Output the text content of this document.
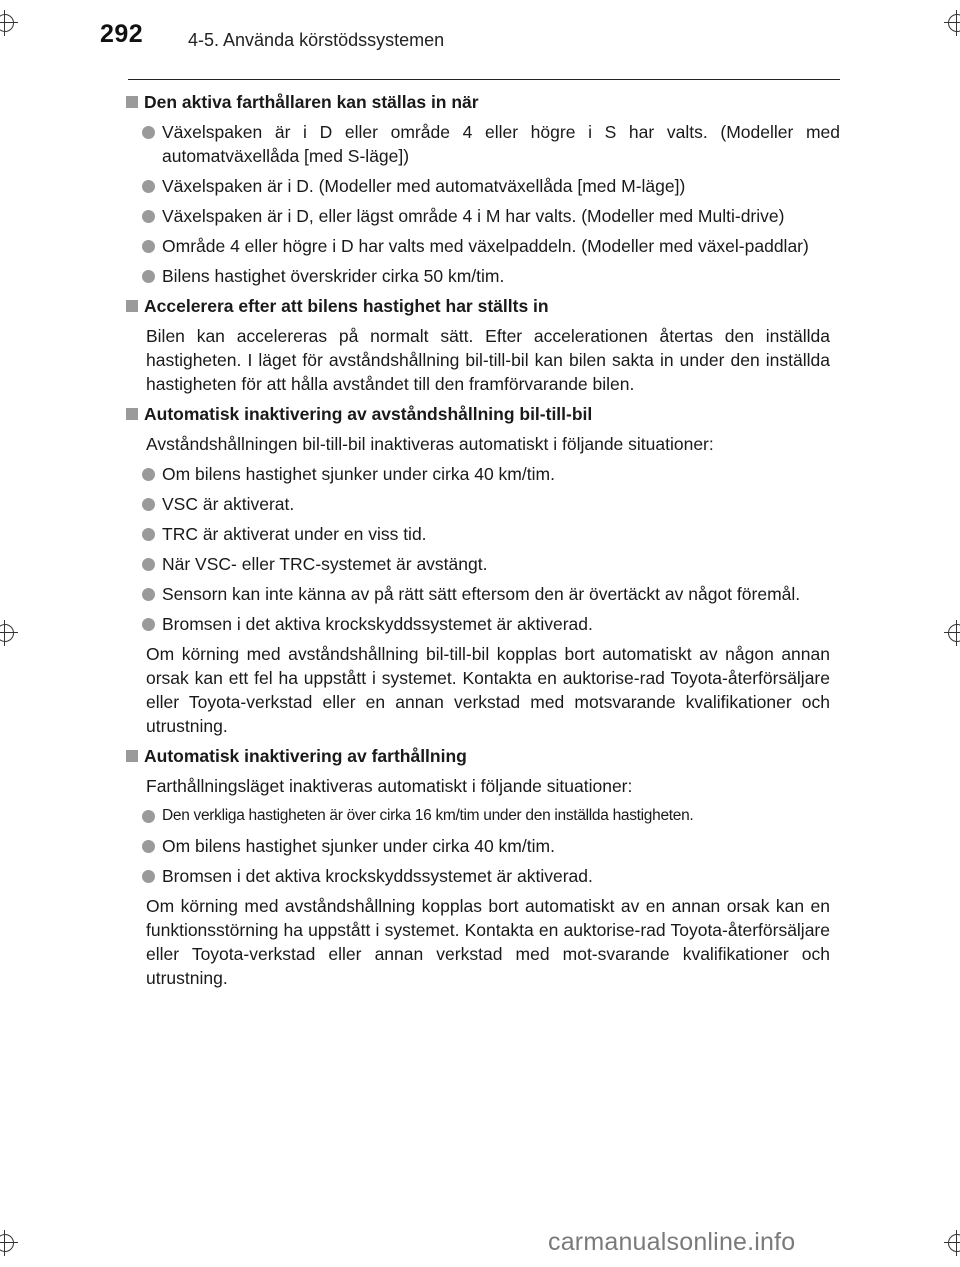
292 4-5. Använda körstödssystemen
Den aktiva farthållaren kan ställas in när
Växelspaken är i D eller område 4 eller högre i S har valts. (Modeller med automatväxellåda [med S-läge])
Växelspaken är i D. (Modeller med automatväxellåda [med M-läge])
Växelspaken är i D, eller lägst område 4 i M har valts. (Modeller med Multi-drive)
Område 4 eller högre i D har valts med växelpaddeln. (Modeller med växel-paddlar)
Bilens hastighet överskrider cirka 50 km/tim.
Accelerera efter att bilens hastighet har ställts in
Bilen kan accelereras på normalt sätt. Efter accelerationen återtas den inställda hastigheten. I läget för avståndshållning bil-till-bil kan bilen sakta in under den inställda hastigheten för att hålla avståndet till den framförvarande bilen.
Automatisk inaktivering av avståndshållning bil-till-bil
Avståndshållningen bil-till-bil inaktiveras automatiskt i följande situationer:
Om bilens hastighet sjunker under cirka 40 km/tim.
VSC är aktiverat.
TRC är aktiverat under en viss tid.
När VSC- eller TRC-systemet är avstängt.
Sensorn kan inte känna av på rätt sätt eftersom den är övertäckt av något föremål.
Bromsen i det aktiva krockskyddssystemet är aktiverad.
Om körning med avståndshållning bil-till-bil kopplas bort automatiskt av någon annan orsak kan ett fel ha uppstått i systemet. Kontakta en auktorise-rad Toyota-återförsäljare eller Toyota-verkstad eller en annan verkstad med motsvarande kvalifikationer och utrustning.
Automatisk inaktivering av farthållning
Farthållningsläget inaktiveras automatiskt i följande situationer:
Den verkliga hastigheten är över cirka 16 km/tim under den inställda hastigheten.
Om bilens hastighet sjunker under cirka 40 km/tim.
Bromsen i det aktiva krockskyddssystemet är aktiverad.
Om körning med avståndshållning kopplas bort automatiskt av en annan orsak kan en funktionsstörning ha uppstått i systemet. Kontakta en auktorise-rad Toyota-återförsäljare eller Toyota-verkstad eller annan verkstad med mot-svarande kvalifikationer och utrustning.
carmanualsonline.info
